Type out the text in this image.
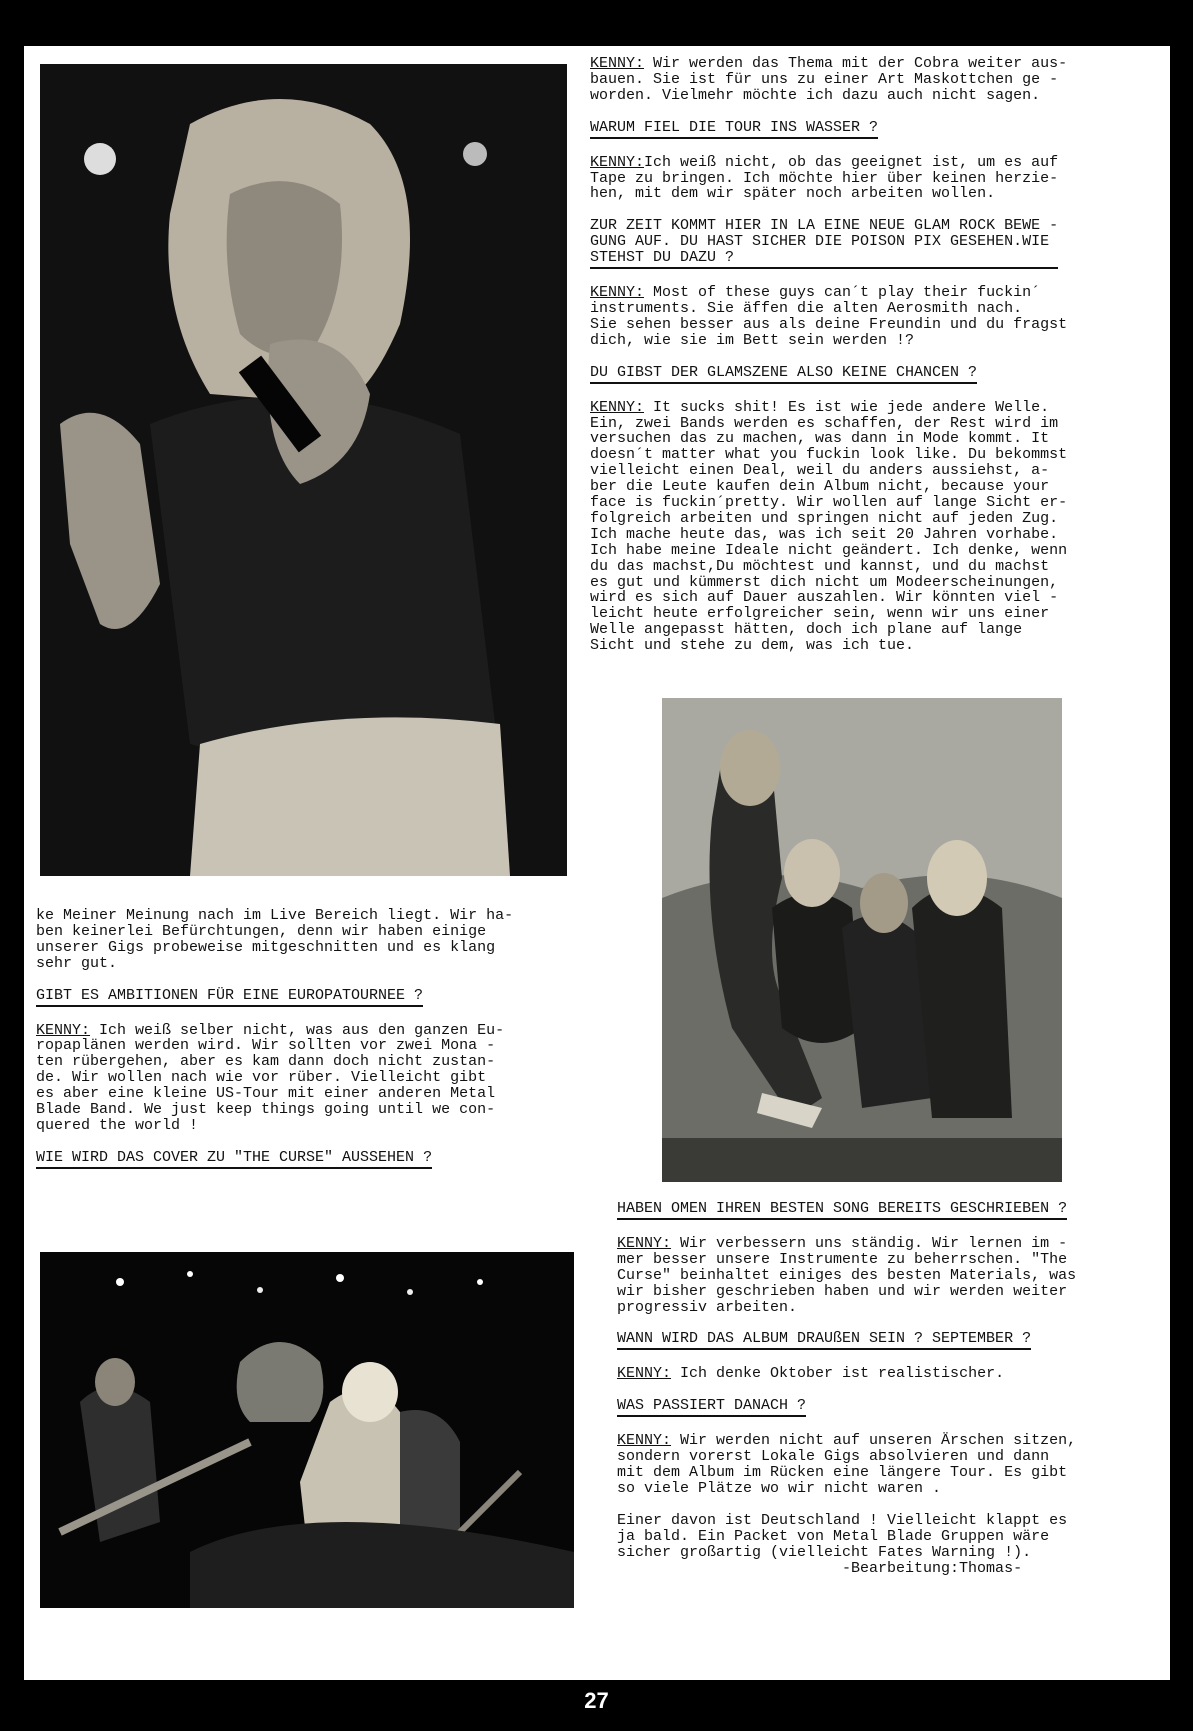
KENNY: Wir werden das Thema mit der Cobra weiter aus-
bauen. Sie ist für uns zu einer Art Maskottchen ge -
worden. Vielmehr möchte ich dazu auch nicht sagen.
WARUM FIEL DIE TOUR INS WASSER ?

KENNY:Ich weiß nicht, ob das geeignet ist, um es auf
Tape zu bringen. Ich möchte hier über keinen herzie-
hen, mit dem wir später noch arbeiten wollen.
ZUR ZEIT KOMMT HIER IN LA EINE NEUE GLAM ROCK BEWE -
GUNG AUF. DU HAST SICHER DIE POISON PIX GESEHEN.WIE
STEHST DU DAZU ?

KENNY: Most of these guys can´t play their fuckin´
instruments. Sie äffen die alten Aerosmith nach.
Sie sehen besser aus als deine Freundin und du fragst
dich, wie sie im Bett sein werden !?
DU GIBST DER GLAMSZENE ALSO KEINE CHANCEN ?

KENNY: It sucks shit! Es ist wie jede andere Welle.
Ein, zwei Bands werden es schaffen, der Rest wird im
versuchen das zu machen, was dann in Mode kommt. It
doesn´t matter what you fuckin look like. Du bekommst
vielleicht einen Deal, weil du anders aussiehst, a-
ber die Leute kaufen dein Album nicht, because your
face is fuckin´pretty. Wir wollen auf lange Sicht er-
folgreich arbeiten und springen nicht auf jeden Zug.
Ich mache heute das, was ich seit 20 Jahren vorhabe.
Ich habe meine Ideale nicht geändert. Ich denke, wenn
du das machst,Du möchtest und kannst, und du machst
es gut und kümmerst dich nicht um Modeerscheinungen,
wird es sich auf Dauer auszahlen. Wir könnten viel -
leicht heute erfolgreicher sein, wenn wir uns einer
Welle angepasst hätten, doch ich plane auf lange
Sicht und stehe zu dem, was ich tue.
ke Meiner Meinung nach im Live Bereich liegt. Wir ha-
ben keinerlei Befürchtungen, denn wir haben einige
unserer Gigs probeweise mitgeschnitten und es klang
sehr gut.
GIBT ES AMBITIONEN FÜR EINE EUROPATOURNEE ?

KENNY: Ich weiß selber nicht, was aus den ganzen Eu-
ropaplänen werden wird. Wir sollten vor zwei Mona -
ten rübergehen, aber es kam dann doch nicht zustan-
de. Wir wollen nach wie vor rüber. Vielleicht gibt
es aber eine kleine US-Tour mit einer anderen Metal
Blade Band. We just keep things going until we con-
quered the world !
WIE WIRD DAS COVER ZU "THE CURSE" AUSSEHEN ?

HABEN OMEN IHREN BESTEN SONG BEREITS GESCHRIEBEN ?

KENNY: Wir verbessern uns ständig. Wir lernen im -
mer besser unsere Instrumente zu beherrschen. "The
Curse" beinhaltet einiges des besten Materials, was
wir bisher geschrieben haben und wir werden weiter
progressiv arbeiten.
WANN WIRD DAS ALBUM DRAUßEN SEIN ? SEPTEMBER ?

KENNY: Ich denke Oktober ist realistischer.
WAS PASSIERT DANACH ?

KENNY: Wir werden nicht auf unseren Ärschen sitzen,
sondern vorerst Lokale Gigs absolvieren und dann
mit dem Album im Rücken eine längere Tour. Es gibt
so viele Plätze wo wir nicht waren .
Einer davon ist Deutschland ! Vielleicht klappt es
ja bald. Ein Packet von Metal Blade Gruppen wäre
sicher großartig (vielleicht Fates Warning !).
-Bearbeitung:Thomas-
27
